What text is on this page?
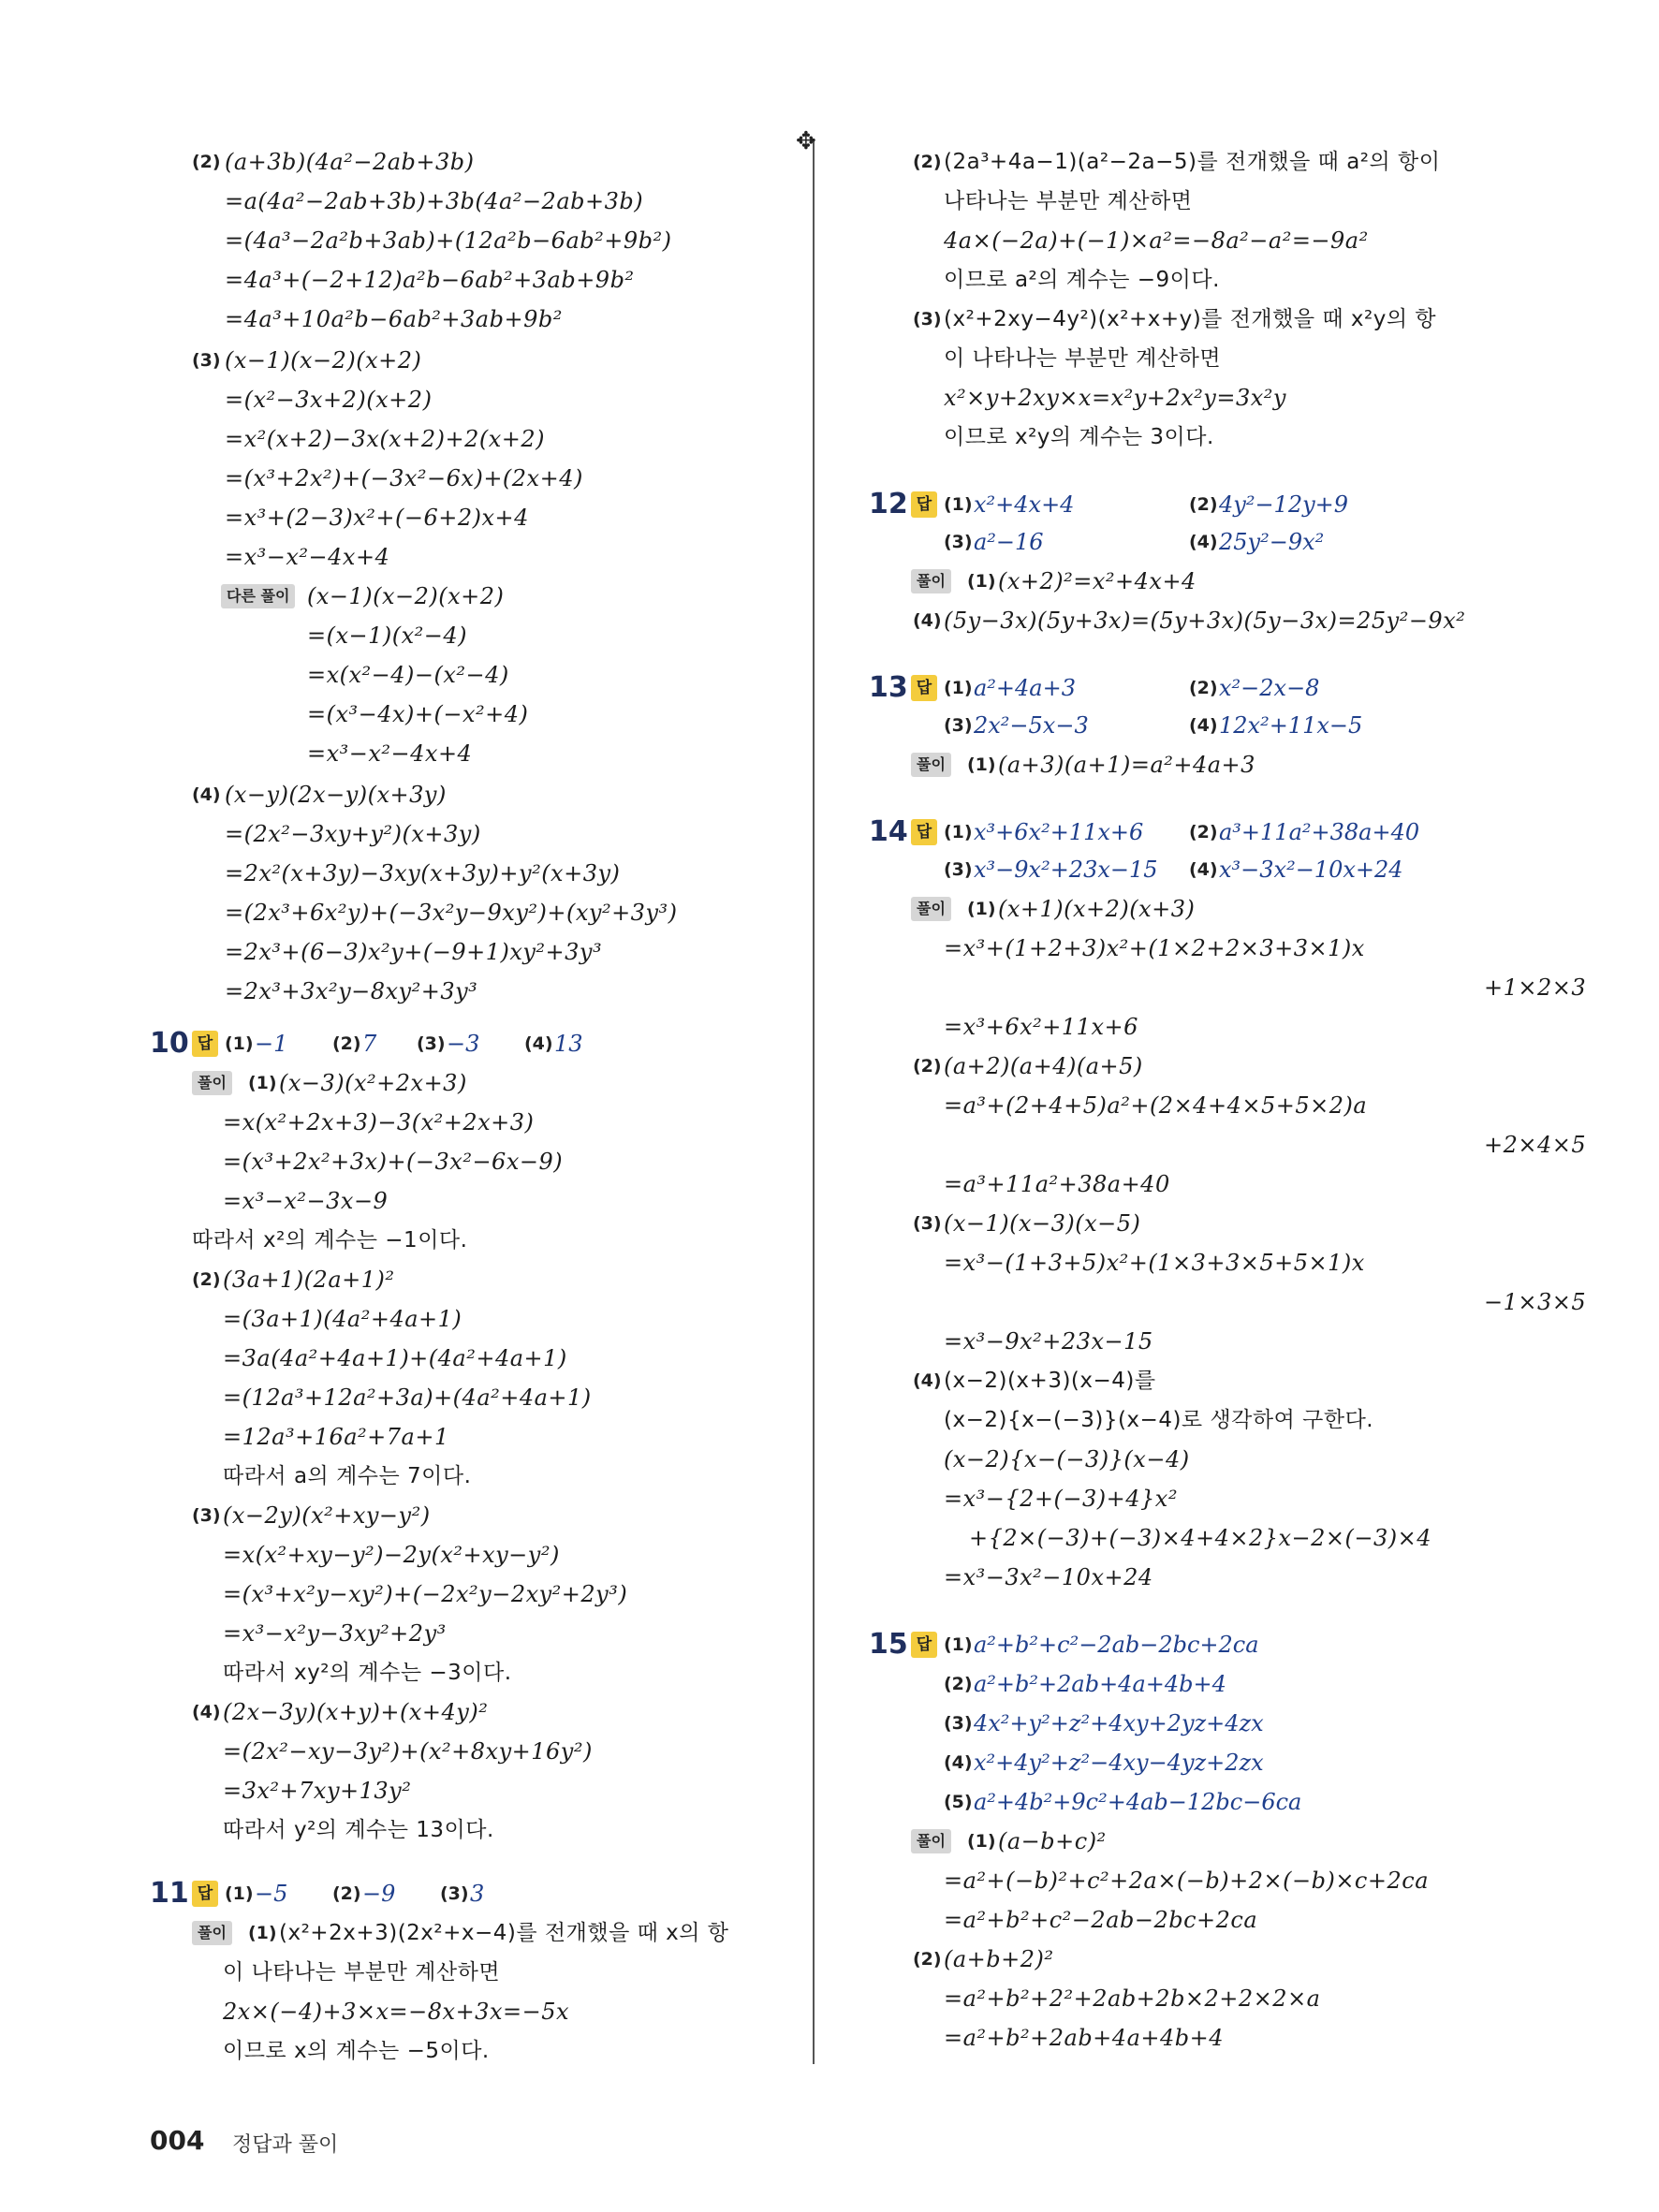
✥
(2) (a+3b)(4a²−2ab+3b)
=a(4a²−2ab+3b)+3b(4a²−2ab+3b)
=(4a³−2a²b+3ab)+(12a²b−6ab²+9b²)
=4a³+(−2+12)a²b−6ab²+3ab+9b²
=4a³+10a²b−6ab²+3ab+9b²
(3) (x−1)(x−2)(x+2)
=(x²−3x+2)(x+2)
=x²(x+2)−3x(x+2)+2(x+2)
=(x³+2x²)+(−3x²−6x)+(2x+4)
=x³+(2−3)x²+(−6+2)x+4
=x³−x²−4x+4
다른 풀이 (x−1)(x−2)(x+2)
=(x−1)(x²−4)
=x(x²−4)−(x²−4)
=(x³−4x)+(−x²+4)
=x³−x²−4x+4
(4) (x−y)(2x−y)(x+3y)
=(2x²−3xy+y²)(x+3y)
=2x²(x+3y)−3xy(x+3y)+y²(x+3y)
=(2x³+6x²y)+(−3x²y−9xy²)+(xy²+3y³)
=2x³+(6−3)x²y+(−9+1)xy²+3y³
=2x³+3x²y−8xy²+3y³
10 답 (1) −1	(2) 7 (3) −3	(4) 13
풀이	(1) (x−3)(x²+2x+3)
=x(x²+2x+3)−3(x²+2x+3)
=(x³+2x²+3x)+(−3x²−6x−9)
=x³−x²−3x−9
따라서 x²의 계수는 −1이다.
(2) (3a+1)(2a+1)²
=(3a+1)(4a²+4a+1)
=3a(4a²+4a+1)+(4a²+4a+1)
=(12a³+12a²+3a)+(4a²+4a+1)
=12a³+16a²+7a+1
따라서 a의 계수는 7이다.
(3) (x−2y)(x²+xy−y²)
=x(x²+xy−y²)−2y(x²+xy−y²)
=(x³+x²y−xy²)+(−2x²y−2xy²+2y³)
=x³−x²y−3xy²+2y³
따라서 xy²의 계수는 −3이다.
(4) (2x−3y)(x+y)+(x+4y)²
=(2x²−xy−3y²)+(x²+8xy+16y²)
=3x²+7xy+13y²
따라서 y²의 계수는 13이다.
11 답 (1) −5	(2) −9	(3) 3
풀이	(1) (x²+2x+3)(2x²+x−4)를 전개했을 때 x의 항
이 나타나는 부분만 계산하면
2x×(−4)+3×x=−8x+3x=−5x
이므로 x의 계수는 −5이다.
(2) (2a³+4a−1)(a²−2a−5)를 전개했을 때 a²의 항이
나타나는 부분만 계산하면
4a×(−2a)+(−1)×a²=−8a²−a²=−9a²
이므로 a²의 계수는 −9이다.
(3) (x²+2xy−4y²)(x²+x+y)를 전개했을 때 x²y의 항
이 나타나는 부분만 계산하면
x²×y+2xy×x=x²y+2x²y=3x²y
이므로 x²y의 계수는 3이다.
12 답 (1) x²+4x+4	(2) 4y²−12y+9
(3) a²−16	(4) 25y²−9x²
풀이	(1) (x+2)²=x²+4x+4
(4) (5y−3x)(5y+3x)=(5y+3x)(5y−3x)=25y²−9x²
13 답 (1) a²+4a+3	(2) x²−2x−8
(3) 2x²−5x−3	(4) 12x²+11x−5
풀이	(1) (a+3)(a+1)=a²+4a+3
14 답 (1) x³+6x²+11x+6	(2) a³+11a²+38a+40
(3) x³−9x²+23x−15 (4) x³−3x²−10x+24
풀이	(1) (x+1)(x+2)(x+3)
=x³+(1+2+3)x²+(1×2+2×3+3×1)x
+1×2×3
=x³+6x²+11x+6
(2) (a+2)(a+4)(a+5)
=a³+(2+4+5)a²+(2×4+4×5+5×2)a
+2×4×5
=a³+11a²+38a+40
(3) (x−1)(x−3)(x−5)
=x³−(1+3+5)x²+(1×3+3×5+5×1)x
−1×3×5
=x³−9x²+23x−15
(4) (x−2)(x+3)(x−4)를
(x−2){x−(−3)}(x−4)로 생각하여 구한다.
(x−2){x−(−3)}(x−4)
=x³−{2+(−3)+4}x²
+{2×(−3)+(−3)×4+4×2}x−2×(−3)×4
=x³−3x²−10x+24
15 답 (1) a²+b²+c²−2ab−2bc+2ca
(2) a²+b²+2ab+4a+4b+4
(3) 4x²+y²+z²+4xy+2yz+4zx
(4) x²+4y²+z²−4xy−4yz+2zx
(5) a²+4b²+9c²+4ab−12bc−6ca
풀이	(1) (a−b+c)²
=a²+(−b)²+c²+2a×(−b)+2×(−b)×c+2ca
=a²+b²+c²−2ab−2bc+2ca
(2) (a+b+2)²
=a²+b²+2²+2ab+2b×2+2×2×a
=a²+b²+2ab+4a+4b+4
004 정답과 풀이
